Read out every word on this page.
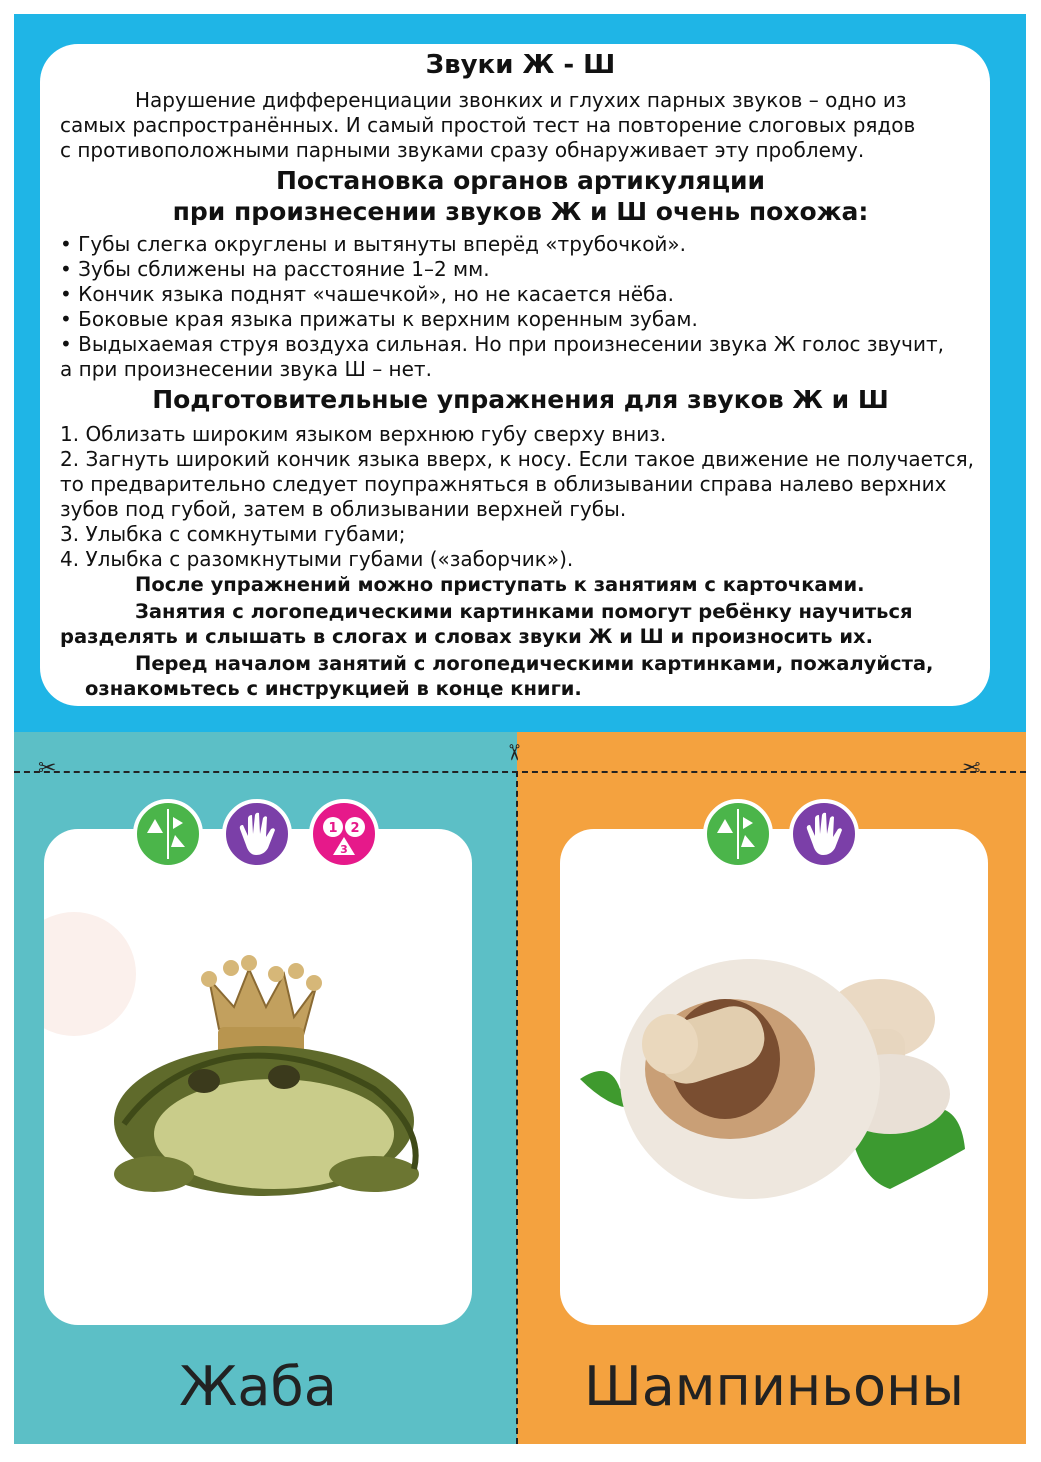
Звуки Ж - Ш
Нарушение дифференциации звонких и глухих парных звуков – одно из
самых распространённых. И самый простой тест на повторение слоговых рядов
с противоположными парными звуками сразу обнаруживает эту проблему.
Постановка органов артикуляции
при произнесении звуков Ж и Ш очень похожа:
• Губы слегка округлены и вытянуты вперёд «трубочкой».
• Зубы сближены на расстояние 1–2 мм.
• Кончик языка поднят «чашечкой», но не касается нёба.
• Боковые края языка прижаты к верхним коренным зубам.
• Выдыхаемая струя воздуха сильная. Но при произнесении звука Ж голос звучит,
а при произнесении звука Ш – нет.
Подготовительные упражнения для звуков Ж и Ш
1. Облизать широким языком верхнюю губу сверху вниз.
2. Загнуть широкий кончик языка вверх, к носу. Если такое движение не получается,
то предварительно следует поупражняться в облизывании справа налево верхних
зубов под губой, затем в облизывании верхней губы.
3. Улыбка с сомкнутыми губами;
4. Улыбка с разомкнутыми губами («заборчик»).
После упражнений можно приступать к занятиям с карточками.
Занятия с логопедическими картинками помогут ребёнку научиться
разделять и слышать в слогах и словах звуки Ж и Ш и произносить их.
Перед началом занятий с логопедическими картинками, пожалуйста,
ознакомьтесь с инструкцией в конце книги.
✂
✂
✂
1 2
3
Жаба	Шампиньоны
